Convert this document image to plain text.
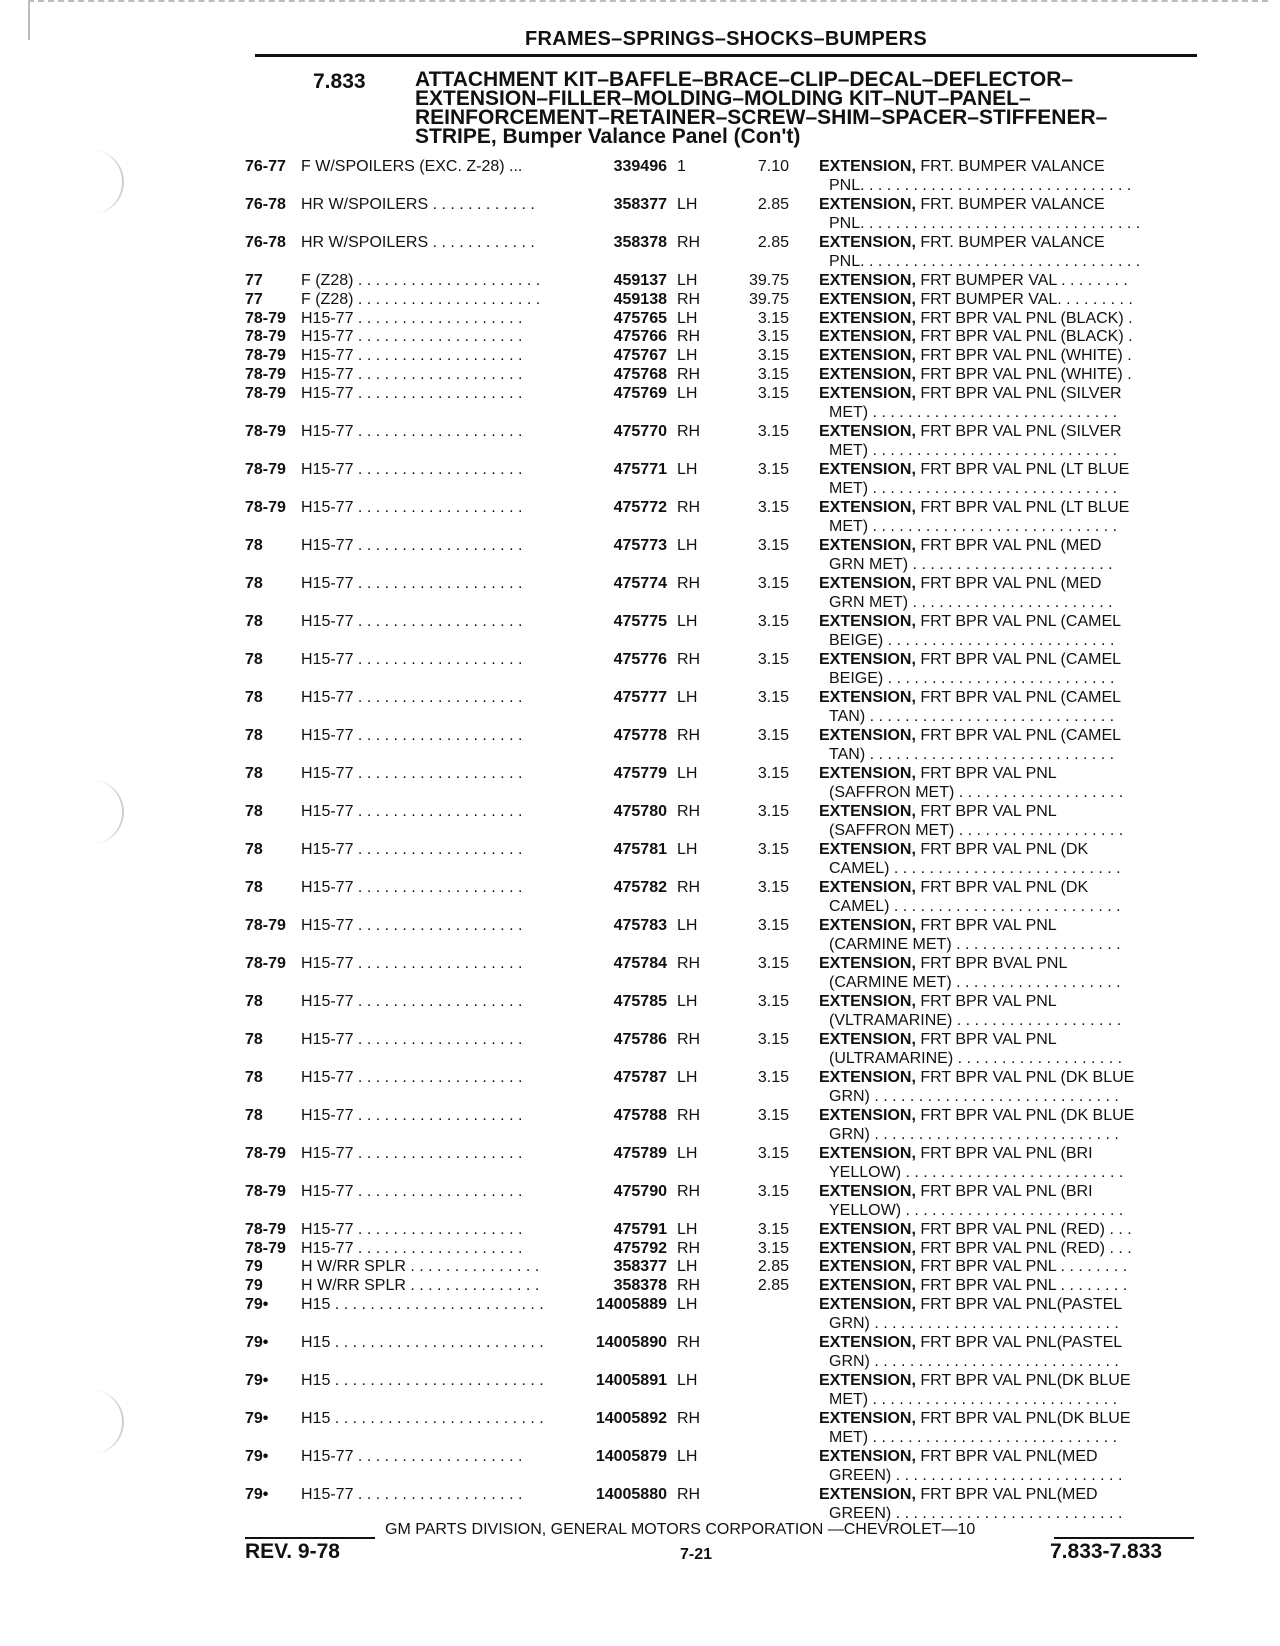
FRAMES–SPRINGS–SHOCKS–BUMPERS
7.833 ATTACHMENT KIT–BAFFLE–BRACE–CLIP–DECAL–DEFLECTOR–
EXTENSION–FILLER–MOLDING–MOLDING KIT–NUT–PANEL–
REINFORCEMENT–RETAINER–SCREW–SHIM–SPACER–STIFFENER–
STRIPE, Bumper Valance Panel (Con't)
76-77 F W/SPOILERS (EXC. Z-28) ...	339496 1	7.10 EXTENSION, FRT. BUMPER VALANCE
PNL. . . . . . . . . . . . . . . . . . . . . . . . . . . . . . .
76-78 HR W/SPOILERS . . . . . . . . . . . .	358377 LH	2.85 EXTENSION, FRT. BUMPER VALANCE
PNL. . . . . . . . . . . . . . . . . . . . . . . . . . . . . . . .
76-78 HR W/SPOILERS . . . . . . . . . . . .	358378 RH	2.85 EXTENSION, FRT. BUMPER VALANCE
PNL. . . . . . . . . . . . . . . . . . . . . . . . . . . . . . . .
77	F (Z28) . . . . . . . . . . . . . . . . . . . . .	459137 LH	39.75 EXTENSION, FRT BUMPER VAL . . . . . . . .
77	F (Z28) . . . . . . . . . . . . . . . . . . . . .	459138 RH	39.75 EXTENSION, FRT BUMPER VAL. . . . . . . . .
78-79 H15-77 . . . . . . . . . . . . . . . . . . .	475765 LH	3.15 EXTENSION, FRT BPR VAL PNL (BLACK) .
78-79 H15-77 . . . . . . . . . . . . . . . . . . .	475766 RH	3.15 EXTENSION, FRT BPR VAL PNL (BLACK) .
78-79 H15-77 . . . . . . . . . . . . . . . . . . .	475767 LH	3.15 EXTENSION, FRT BPR VAL PNL (WHITE) .
78-79 H15-77 . . . . . . . . . . . . . . . . . . .	475768 RH	3.15 EXTENSION, FRT BPR VAL PNL (WHITE) .
78-79 H15-77 . . . . . . . . . . . . . . . . . . .	475769 LH	3.15 EXTENSION, FRT BPR VAL PNL (SILVER
MET) . . . . . . . . . . . . . . . . . . . . . . . . . . . .
78-79 H15-77 . . . . . . . . . . . . . . . . . . .	475770 RH	3.15 EXTENSION, FRT BPR VAL PNL (SILVER
MET) . . . . . . . . . . . . . . . . . . . . . . . . . . . .
78-79 H15-77 . . . . . . . . . . . . . . . . . . .	475771 LH	3.15 EXTENSION, FRT BPR VAL PNL (LT BLUE
MET) . . . . . . . . . . . . . . . . . . . . . . . . . . . .
78-79 H15-77 . . . . . . . . . . . . . . . . . . .	475772 RH	3.15 EXTENSION, FRT BPR VAL PNL (LT BLUE
MET) . . . . . . . . . . . . . . . . . . . . . . . . . . . .
78	H15-77 . . . . . . . . . . . . . . . . . . .	475773 LH	3.15 EXTENSION, FRT BPR VAL PNL (MED
GRN MET) . . . . . . . . . . . . . . . . . . . . . . .
78	H15-77 . . . . . . . . . . . . . . . . . . .	475774 RH	3.15 EXTENSION, FRT BPR VAL PNL (MED
GRN MET) . . . . . . . . . . . . . . . . . . . . . . .
78	H15-77 . . . . . . . . . . . . . . . . . . .	475775 LH	3.15 EXTENSION, FRT BPR VAL PNL (CAMEL
BEIGE) . . . . . . . . . . . . . . . . . . . . . . . . . .
78	H15-77 . . . . . . . . . . . . . . . . . . .	475776 RH	3.15 EXTENSION, FRT BPR VAL PNL (CAMEL
BEIGE) . . . . . . . . . . . . . . . . . . . . . . . . . .
78	H15-77 . . . . . . . . . . . . . . . . . . .	475777 LH	3.15 EXTENSION, FRT BPR VAL PNL (CAMEL
TAN) . . . . . . . . . . . . . . . . . . . . . . . . . . . .
78	H15-77 . . . . . . . . . . . . . . . . . . .	475778 RH	3.15 EXTENSION, FRT BPR VAL PNL (CAMEL
TAN) . . . . . . . . . . . . . . . . . . . . . . . . . . . .
78	H15-77 . . . . . . . . . . . . . . . . . . .	475779 LH	3.15 EXTENSION, FRT BPR VAL PNL
(SAFFRON MET) . . . . . . . . . . . . . . . . . . .
78	H15-77 . . . . . . . . . . . . . . . . . . .	475780 RH	3.15 EXTENSION, FRT BPR VAL PNL
(SAFFRON MET) . . . . . . . . . . . . . . . . . . .
78	H15-77 . . . . . . . . . . . . . . . . . . .	475781 LH	3.15 EXTENSION, FRT BPR VAL PNL (DK
CAMEL) . . . . . . . . . . . . . . . . . . . . . . . . . .
78	H15-77 . . . . . . . . . . . . . . . . . . .	475782 RH	3.15 EXTENSION, FRT BPR VAL PNL (DK
CAMEL) . . . . . . . . . . . . . . . . . . . . . . . . . .
78-79 H15-77 . . . . . . . . . . . . . . . . . . .	475783 LH	3.15 EXTENSION, FRT BPR VAL PNL
(CARMINE MET) . . . . . . . . . . . . . . . . . . .
78-79 H15-77 . . . . . . . . . . . . . . . . . . .	475784 RH	3.15 EXTENSION, FRT BPR BVAL PNL
(CARMINE MET) . . . . . . . . . . . . . . . . . . .
78	H15-77 . . . . . . . . . . . . . . . . . . .	475785 LH	3.15 EXTENSION, FRT BPR VAL PNL
(VLTRAMARINE) . . . . . . . . . . . . . . . . . . .
78	H15-77 . . . . . . . . . . . . . . . . . . .	475786 RH	3.15 EXTENSION, FRT BPR VAL PNL
(ULTRAMARINE) . . . . . . . . . . . . . . . . . . .
78	H15-77 . . . . . . . . . . . . . . . . . . .	475787 LH	3.15 EXTENSION, FRT BPR VAL PNL (DK BLUE
GRN) . . . . . . . . . . . . . . . . . . . . . . . . . . . .
78	H15-77 . . . . . . . . . . . . . . . . . . .	475788 RH	3.15 EXTENSION, FRT BPR VAL PNL (DK BLUE
GRN) . . . . . . . . . . . . . . . . . . . . . . . . . . . .
78-79 H15-77 . . . . . . . . . . . . . . . . . . .	475789 LH	3.15 EXTENSION, FRT BPR VAL PNL (BRI
YELLOW) . . . . . . . . . . . . . . . . . . . . . . . . .
78-79 H15-77 . . . . . . . . . . . . . . . . . . .	475790 RH	3.15 EXTENSION, FRT BPR VAL PNL (BRI
YELLOW) . . . . . . . . . . . . . . . . . . . . . . . . .
78-79 H15-77 . . . . . . . . . . . . . . . . . . .	475791 LH	3.15 EXTENSION, FRT BPR VAL PNL (RED) . . .
78-79 H15-77 . . . . . . . . . . . . . . . . . . .	475792 RH	3.15 EXTENSION, FRT BPR VAL PNL (RED) . . .
79	H W/RR SPLR . . . . . . . . . . . . . . .	358377 LH	2.85 EXTENSION, FRT BPR VAL PNL . . . . . . . .
79	H W/RR SPLR . . . . . . . . . . . . . . .	358378 RH	2.85 EXTENSION, FRT BPR VAL PNL . . . . . . . .
79•	H15 . . . . . . . . . . . . . . . . . . . . . . . .	14005889 LH	EXTENSION, FRT BPR VAL PNL(PASTEL
GRN) . . . . . . . . . . . . . . . . . . . . . . . . . . . .
79•	H15 . . . . . . . . . . . . . . . . . . . . . . . .	14005890 RH	EXTENSION, FRT BPR VAL PNL(PASTEL
GRN) . . . . . . . . . . . . . . . . . . . . . . . . . . . .
79•	H15 . . . . . . . . . . . . . . . . . . . . . . . .	14005891 LH	EXTENSION, FRT BPR VAL PNL(DK BLUE
MET) . . . . . . . . . . . . . . . . . . . . . . . . . . . .
79•	H15 . . . . . . . . . . . . . . . . . . . . . . . .	14005892 RH	EXTENSION, FRT BPR VAL PNL(DK BLUE
MET) . . . . . . . . . . . . . . . . . . . . . . . . . . . .
79•	H15-77 . . . . . . . . . . . . . . . . . . .	14005879 LH	EXTENSION, FRT BPR VAL PNL(MED
GREEN) . . . . . . . . . . . . . . . . . . . . . . . . . .
79•	H15-77 . . . . . . . . . . . . . . . . . . .	14005880 RH	EXTENSION, FRT BPR VAL PNL(MED
GREEN) . . . . . . . . . . . . . . . . . . . . . . . . . .
GM PARTS DIVISION, GENERAL MOTORS CORPORATION —CHEVROLET—10
REV. 9-78	7-21	7.833-7.833
